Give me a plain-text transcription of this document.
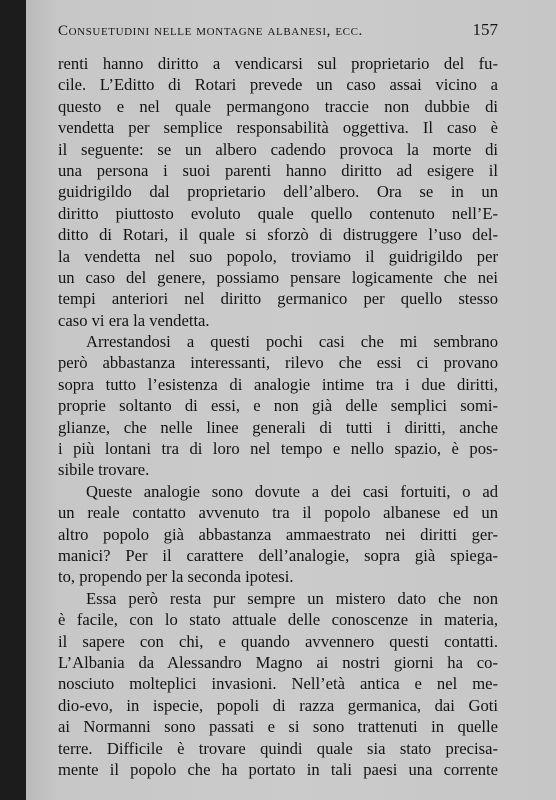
Consuetudini nelle montagne albanesi, ecc.	157
renti hanno diritto a vendicarsi sul proprietario del fu-
cile. L’Editto di Rotari prevede un caso assai vicino a
questo e nel quale permangono traccie non dubbie di
vendetta per semplice responsabilità oggettiva. Il caso è
il seguente: se un albero cadendo provoca la morte di
una persona i suoi parenti hanno diritto ad esigere il
guidrigildo dal proprietario dell’albero. Ora se in un
diritto piuttosto evoluto quale quello contenuto nell’E-
ditto di Rotari, il quale si sforzò di distruggere l’uso del-
la vendetta nel suo popolo, troviamo il guidrigildo per
un caso del genere, possiamo pensare logicamente che nei
tempi anteriori nel diritto germanico per quello stesso
caso vi era la vendetta.
Arrestandosi a questi pochi casi che mi sembrano
però abbastanza interessanti, rilevo che essi ci provano
sopra tutto l’esistenza di analogie intime tra i due diritti,
proprie soltanto di essi, e non già delle semplici somi-
glianze, che nelle linee generali di tutti i diritti, anche
i più lontani tra di loro nel tempo e nello spazio, è pos-
sibile trovare.
Queste analogie sono dovute a dei casi fortuiti, o ad
un reale contatto avvenuto tra il popolo albanese ed un
altro popolo già abbastanza ammaestrato nei diritti ger-
manici? Per il carattere dell’analogie, sopra già spiega-
to, propendo per la seconda ipotesi.
Essa però resta pur sempre un mistero dato che non
è facile, con lo stato attuale delle conoscenze in materia,
il sapere con chi, e quando avvennero questi contatti.
L’Albania da Alessandro Magno ai nostri giorni ha co-
nosciuto molteplici invasioni. Nell’età antica e nel me-
dio-evo, in ispecie, popoli di razza germanica, dai Goti
ai Normanni sono passati e si sono trattenuti in quelle
terre. Difficile è trovare quindi quale sia stato precisa-
mente il popolo che ha portato in tali paesi una corrente
